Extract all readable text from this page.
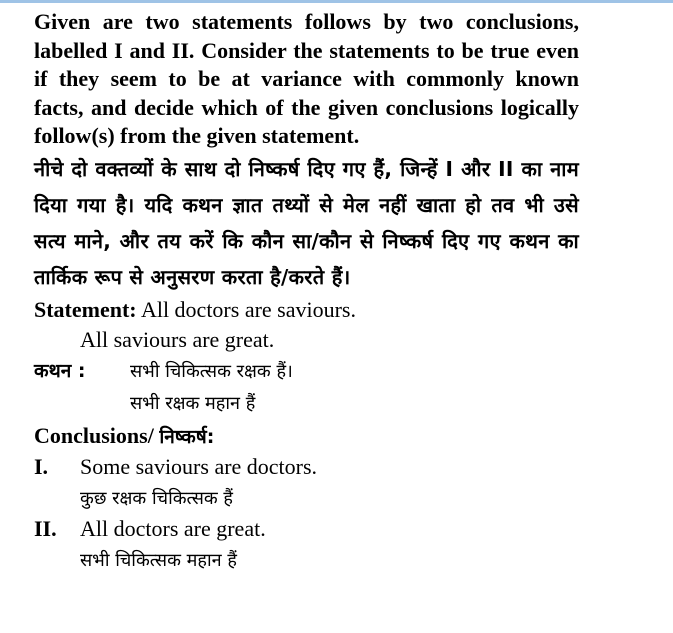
Given are two statements follows by two conclusions, labelled I and II. Consider the statements to be true even if they seem to be at variance with commonly known facts, and decide which of the given conclusions logically follow(s) from the given statement.

नीचे दो वक्तव्यों के साथ दो निष्कर्ष दिए गए हैं, जिन्हें I और II का नाम दिया गया है। यदि कथन ज्ञात तथ्यों से मेल नहीं खाता हो तव भी उसे सत्य माने, और तय करें कि कौन सा/कौन से निष्कर्ष दिए गए कथन का तार्किक रूप से अनुसरण करता है/करते हैं।

Statement: All doctors are saviours.
All saviours are great.
कथन : सभी चिकित्सक रक्षक हैं।
सभी रक्षक महान हैं
Conclusions/ निष्कर्ष:
I. Some saviours are doctors.
कुछ रक्षक चिकित्सक हैं
II. All doctors are great.
सभी चिकित्सक महान हैं
